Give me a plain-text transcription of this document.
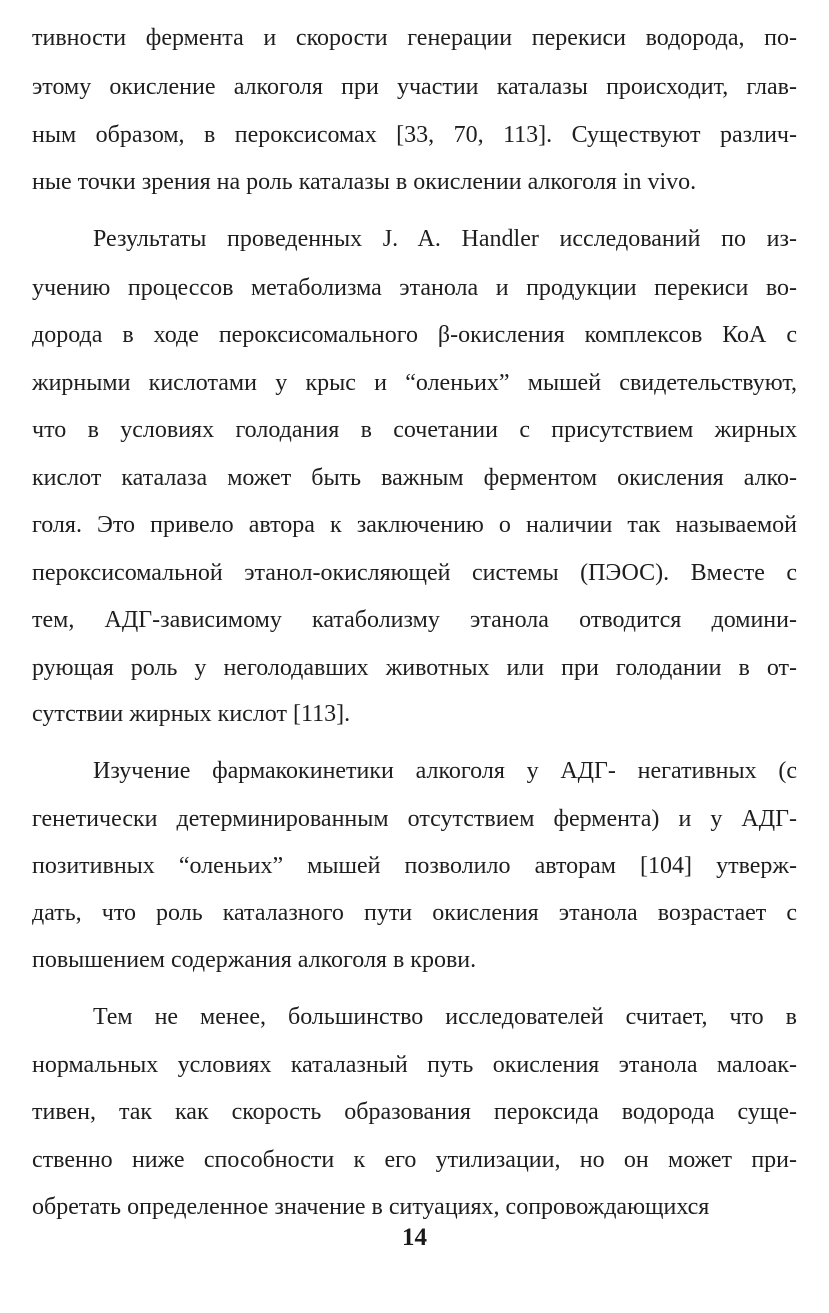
тивности фермента и скорости генерации перекиси водорода, по-
этому окисление алкоголя при участии каталазы происходит, глав-
ным образом, в пероксисомах [33, 70, 113]. Существуют различ-
ные точки зрения на роль каталазы в окислении алкоголя in vivo.
Результаты проведенных J. A. Handler исследований по из-
учению процессов метаболизма этанола и продукции перекиси во-
дорода в ходе пероксисомального β-окисления комплексов КоА с
жирными кислотами у крыс и “оленьих” мышей свидетельствуют,
что в условиях голодания в сочетании с присутствием жирных
кислот каталаза может быть важным ферментом окисления алко-
голя. Это привело автора к заключению о наличии так называемой
пероксисомальной этанол-окисляющей системы (ПЭОС). Вместе с
тем, АДГ-зависимому катаболизму этанола отводится домини-
рующая роль у неголодавших животных или при голодании в от-
сутствии жирных кислот [113].
Изучение фармакокинетики алкоголя у АДГ- негативных (с
генетически детерминированным отсутствием фермента) и у АДГ-
позитивных “оленьих” мышей позволило авторам [104] утверж-
дать, что роль каталазного пути окисления этанола возрастает с
повышением содержания алкоголя в крови.
Тем не менее, большинство исследователей считает, что в
нормальных условиях каталазный путь окисления этанола малоак-
тивен, так как скорость образования пероксида водорода суще-
ственно ниже способности к его утилизации, но он может при-
обретать определенное значение в ситуациях, сопровождающихся
14
